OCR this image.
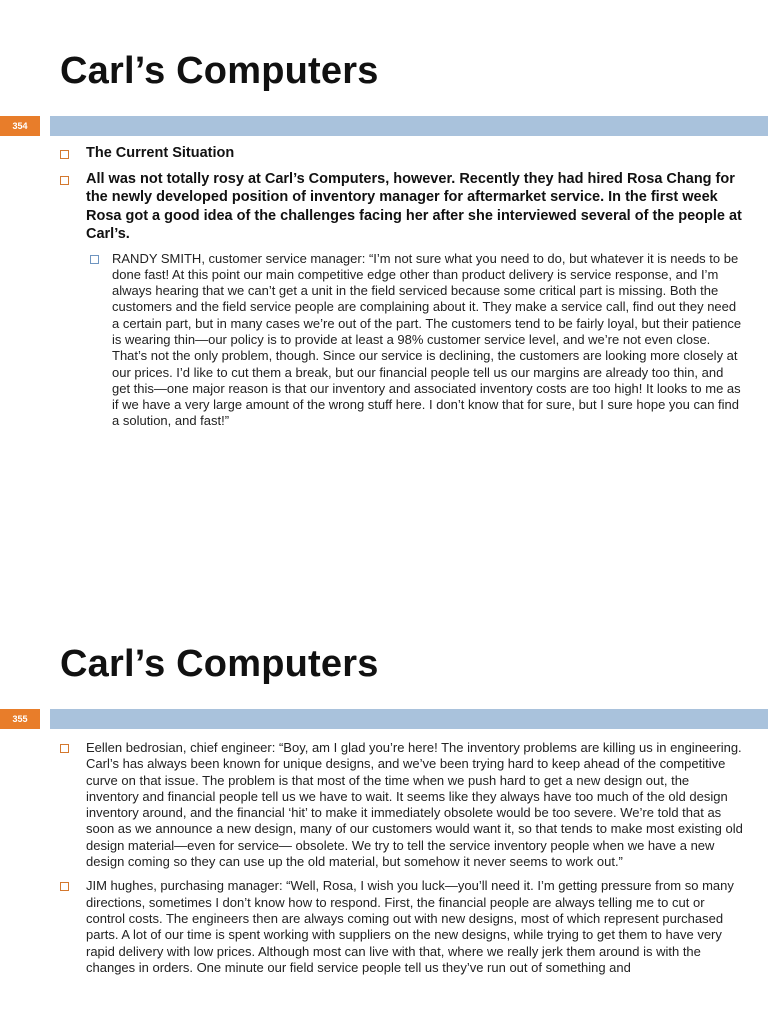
Carl’s Computers
354
The Current Situation
All was not totally rosy at Carl’s Computers, however. Recently they had hired Rosa Chang for the newly developed position of inventory manager for aftermarket service. In the first week Rosa got a good idea of the challenges facing her after she interviewed several of the people at Carl’s.
RANDY SMITH, customer service manager: “I’m not sure what you need to do, but whatever it is needs to be done fast! At this point our main competitive edge other than product delivery is service response, and I’m always hearing that we can’t get a unit in the field serviced because some critical part is missing. Both the customers and the field service people are complaining about it. They make a service call, find out they need a certain part, but in many cases we’re out of the part. The customers tend to be fairly loyal, but their patience is wearing thin—our policy is to provide at least a 98% customer service level, and we’re not even close. That’s not the only problem, though. Since our service is declining, the customers are looking more closely at our prices. I’d like to cut them a break, but our financial people tell us our margins are already too thin, and get this—one major reason is that our inventory and associated inventory costs are too high! It looks to me as if we have a very large amount of the wrong stuff here. I don’t know that for sure, but I sure hope you can find a solution, and fast!”
Carl’s Computers
355
Eellen bedrosian, chief engineer: “Boy, am I glad you’re here! The inventory problems are killing us in engineering. Carl’s has always been known for unique designs, and we’ve been trying hard to keep ahead of the competitive curve on that issue. The problem is that most of the time when we push hard to get a new design out, the inventory and financial people tell us we have to wait. It seems like they always have too much of the old design inventory around, and the financial ‘hit’ to make it immediately obsolete would be too severe. We’re told that as soon as we announce a new design, many of our customers would want it, so that tends to make most existing old design material—even for service— obsolete. We try to tell the service inventory people when we have a new design coming so they can use up the old material, but somehow it never seems to work out.”
JIM hughes, purchasing manager: “Well, Rosa, I wish you luck—you’ll need it. I’m getting pressure from so many directions, sometimes I don’t know how to respond. First, the financial people are always telling me to cut or control costs. The engineers then are always coming out with new designs, most of which represent purchased parts. A lot of our time is spent working with suppliers on the new designs, while trying to get them to have very rapid delivery with low prices. Although most can live with that, where we really jerk them around is with the changes in orders. One minute our field service people tell us they’ve run out of something and
